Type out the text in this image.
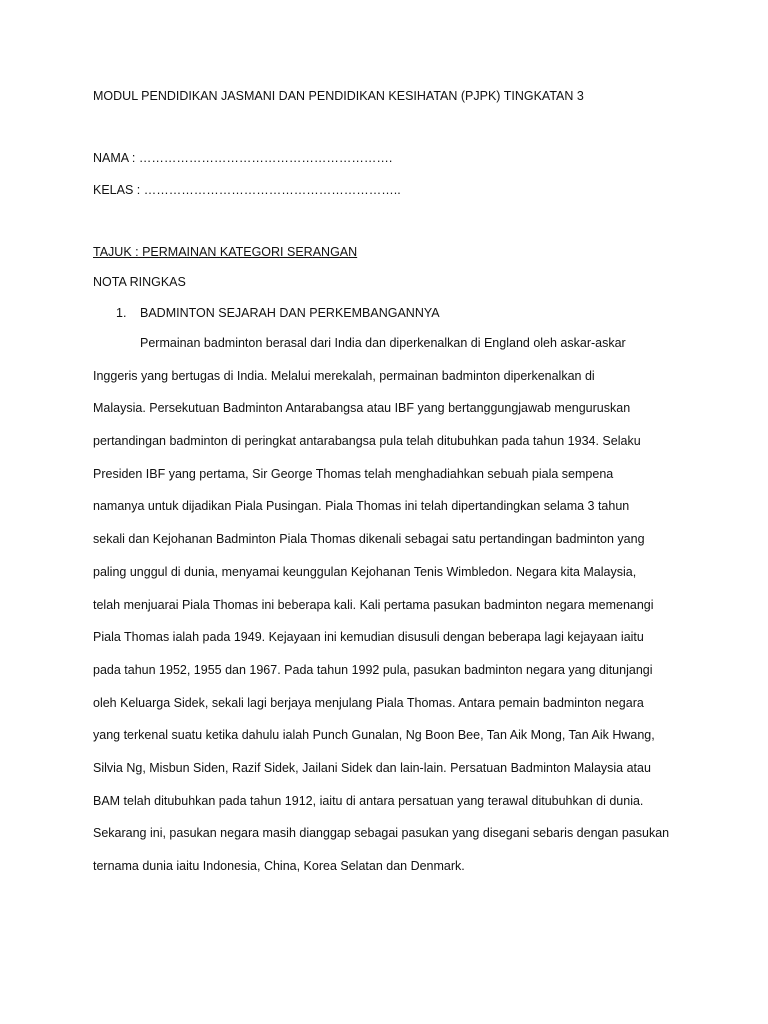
MODUL PENDIDIKAN JASMANI DAN PENDIDIKAN KESIHATAN (PJPK) TINGKATAN 3
NAMA : …………………………………………………….
KELAS : ……………………………………………………..
TAJUK : PERMAINAN KATEGORI SERANGAN
NOTA RINGKAS
1. BADMINTON SEJARAH DAN PERKEMBANGANNYA
Permainan badminton berasal dari India dan diperkenalkan di England oleh askar-askar
Inggeris yang bertugas di India. Melalui merekalah, permainan badminton diperkenalkan di
Malaysia. Persekutuan Badminton Antarabangsa atau IBF yang bertanggungjawab menguruskan
pertandingan badminton di peringkat antarabangsa pula telah ditubuhkan pada tahun 1934. Selaku
Presiden IBF yang pertama, Sir George Thomas telah menghadiahkan sebuah piala sempena
namanya untuk dijadikan Piala Pusingan. Piala Thomas ini telah dipertandingkan selama 3 tahun
sekali dan Kejohanan Badminton Piala Thomas dikenali sebagai satu pertandingan badminton yang
paling unggul di dunia, menyamai keunggulan Kejohanan Tenis Wimbledon. Negara kita Malaysia,
telah menjuarai Piala Thomas ini beberapa kali. Kali pertama pasukan badminton negara memenangi
Piala Thomas ialah pada 1949. Kejayaan ini kemudian disusuli dengan beberapa lagi kejayaan iaitu
pada tahun 1952, 1955 dan 1967. Pada tahun 1992 pula, pasukan badminton negara yang ditunjangi
oleh Keluarga Sidek, sekali lagi berjaya menjulang Piala Thomas. Antara pemain badminton negara
yang terkenal suatu ketika dahulu ialah Punch Gunalan, Ng Boon Bee, Tan Aik Mong, Tan Aik Hwang,
Silvia Ng, Misbun Siden, Razif Sidek, Jailani Sidek dan lain-lain. Persatuan Badminton Malaysia atau
BAM telah ditubuhkan pada tahun 1912, iaitu di antara persatuan yang terawal ditubuhkan di dunia.
Sekarang ini, pasukan negara masih dianggap sebagai pasukan yang disegani sebaris dengan pasukan
ternama dunia iaitu Indonesia, China, Korea Selatan dan Denmark.
